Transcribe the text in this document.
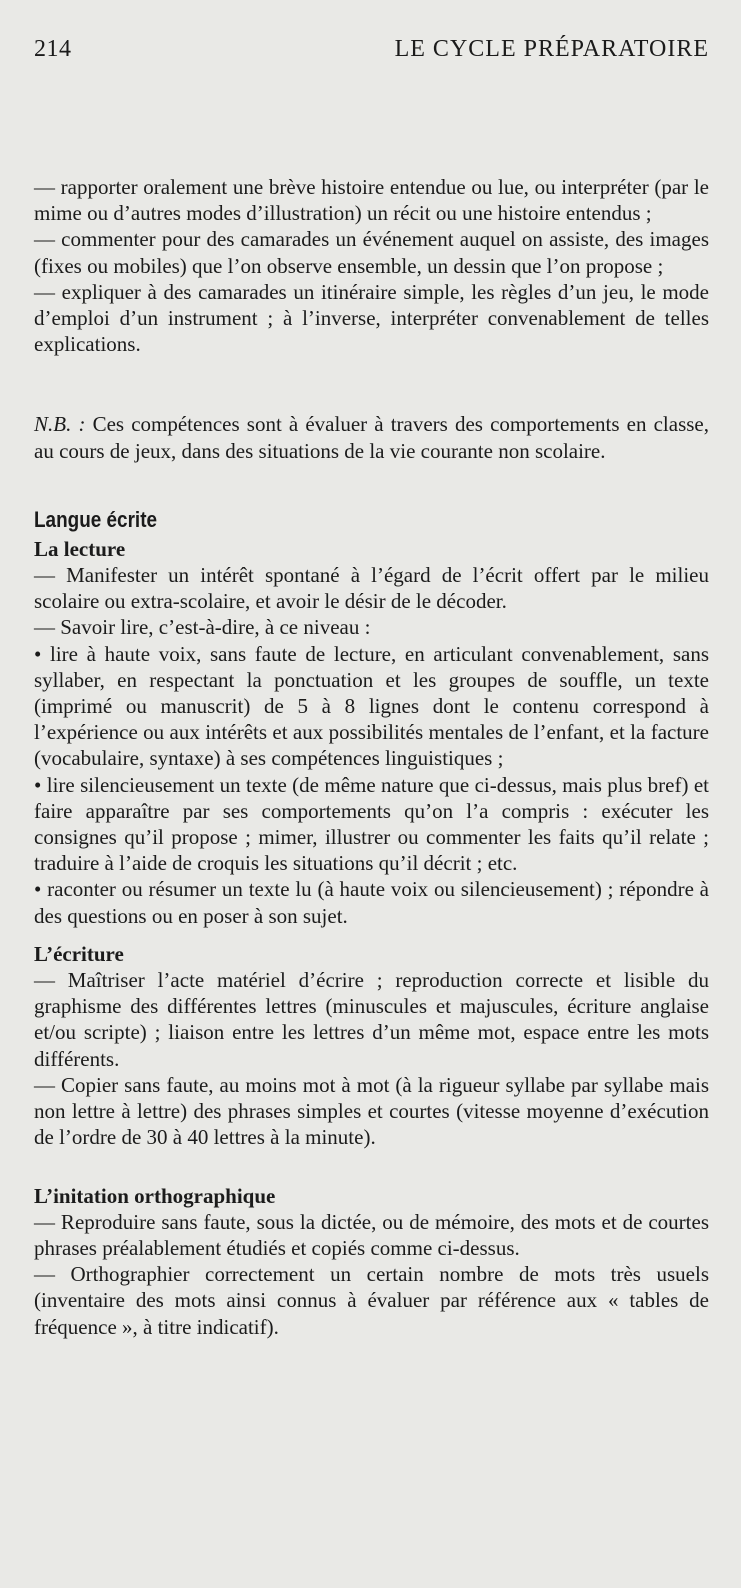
214	LE CYCLE PRÉPARATOIRE

— rapporter oralement une brève histoire entendue ou lue, ou interpréter (par le mime ou d’autres modes d’illustration) un récit ou une histoire entendus ;

— commenter pour des camarades un événement auquel on assiste, des images (fixes ou mobiles) que l’on observe ensemble, un dessin que l’on propose ;

— expliquer à des camarades un itinéraire simple, les règles d’un jeu, le mode d’emploi d’un instrument ; à l’inverse, interpréter convenablement de telles explications.

N.B. : Ces compétences sont à évaluer à travers des comportements en classe, au cours de jeux, dans des situations de la vie courante non scolaire.

Langue écrite

La lecture

— Manifester un intérêt spontané à l’égard de l’écrit offert par le milieu scolaire ou extra-scolaire, et avoir le désir de le décoder.

— Savoir lire, c’est-à-dire, à ce niveau :

• lire à haute voix, sans faute de lecture, en articulant convenablement, sans syllaber, en respectant la ponctuation et les groupes de souffle, un texte (imprimé ou manuscrit) de 5 à 8 lignes dont le contenu correspond à l’expérience ou aux intérêts et aux possibilités mentales de l’enfant, et la facture (vocabulaire, syntaxe) à ses compétences linguistiques ;

• lire silencieusement un texte (de même nature que ci-dessus, mais plus bref) et faire apparaître par ses comportements qu’on l’a compris : exécuter les consignes qu’il propose ; mimer, illustrer ou commenter les faits qu’il relate ; traduire à l’aide de croquis les situations qu’il décrit ; etc.

• raconter ou résumer un texte lu (à haute voix ou silencieusement) ; répondre à des questions ou en poser à son sujet.

L’écriture

— Maîtriser l’acte matériel d’écrire ; reproduction correcte et lisible du graphisme des différentes lettres (minuscules et majuscules, écriture anglaise et/ou scripte) ; liaison entre les lettres d’un même mot, espace entre les mots différents.

— Copier sans faute, au moins mot à mot (à la rigueur syllabe par syllabe mais non lettre à lettre) des phrases simples et courtes (vitesse moyenne d’exécution de l’ordre de 30 à 40 lettres à la minute).

L’initation orthographique

— Reproduire sans faute, sous la dictée, ou de mémoire, des mots et de courtes phrases préalablement étudiés et copiés comme ci-dessus.

— Orthographier correctement un certain nombre de mots très usuels (inventaire des mots ainsi connus à évaluer par référence aux « tables de fréquence », à titre indicatif).
